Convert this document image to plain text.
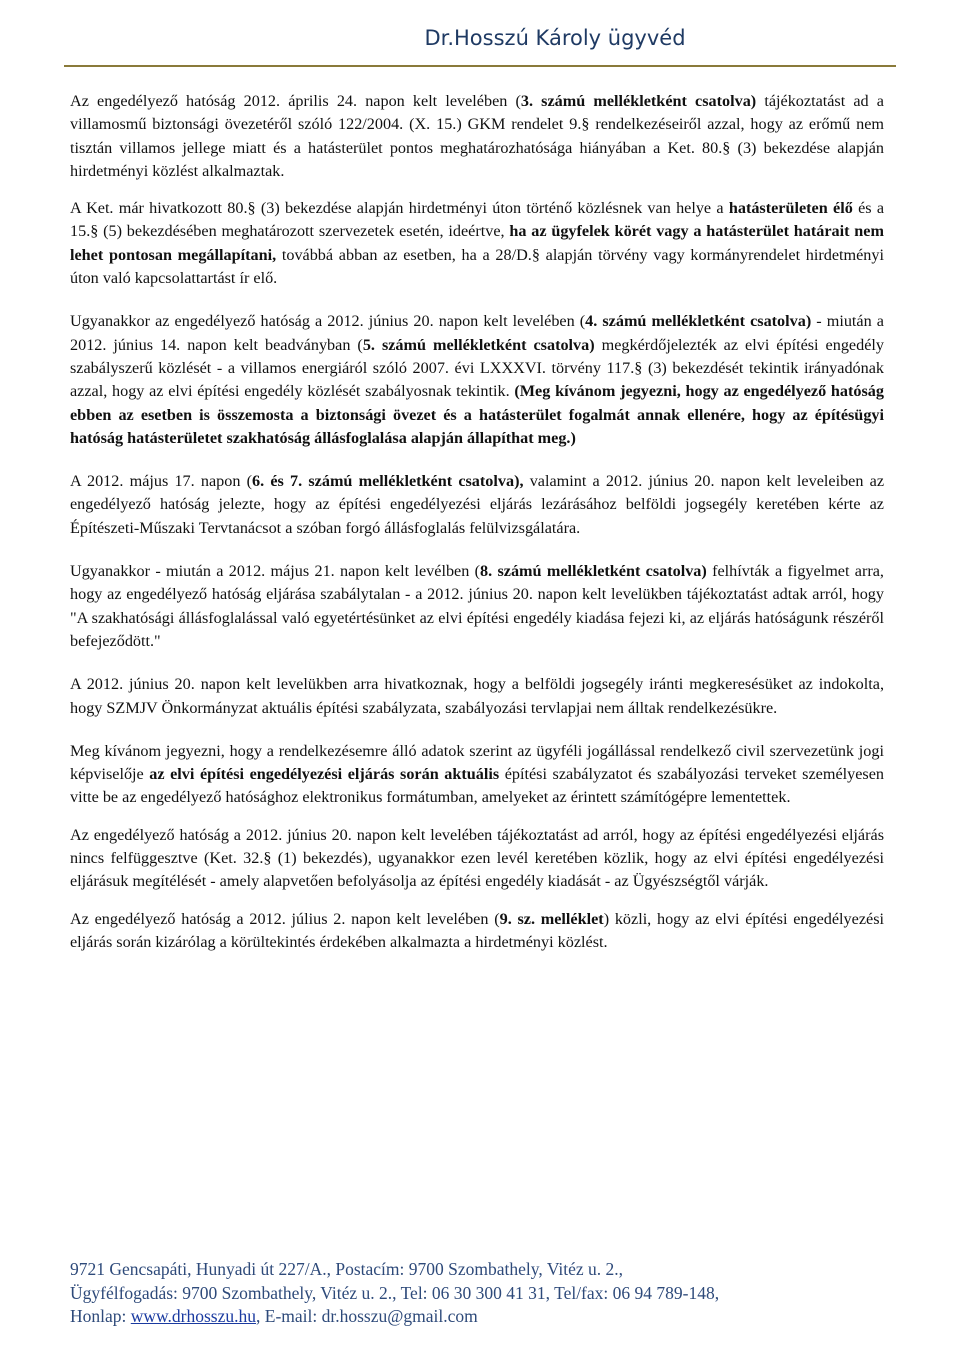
Dr.Hosszú Károly ügyvéd

Az engedélyező hatóság 2012. április 24. napon kelt levelében (3. számú mellékletként csatolva) tájékoztatást ad a villamosmű biztonsági övezetéről szóló 122/2004. (X. 15.) GKM rendelet 9.§ rendelkezéseiről azzal, hogy az erőmű nem tisztán villamos jellege miatt és a hatásterület pontos meghatározhatósága hiányában a Ket. 80.§ (3) bekezdése alapján hirdetményi közlést alkalmaztak.

A Ket. már hivatkozott 80.§ (3) bekezdése alapján hirdetményi úton történő közlésnek van helye a hatásterületen élő és a 15.§ (5) bekezdésében meghatározott szervezetek esetén, ideértve, ha az ügyfelek körét vagy a hatásterület határait nem lehet pontosan megállapítani, továbbá abban az esetben, ha a 28/D.§ alapján törvény vagy kormányrendelet hirdetményi úton való kapcsolattartást ír elő.

Ugyanakkor az engedélyező hatóság a 2012. június 20. napon kelt levelében (4. számú mellékletként csatolva) - miután a 2012. június 14. napon kelt beadványban (5. számú mellékletként csatolva) megkérdőjelezték az elvi építési engedély szabályszerű közlését - a villamos energiáról szóló 2007. évi LXXXVI. törvény 117.§ (3) bekezdését tekintik irányadónak azzal, hogy az elvi építési engedély közlését szabályosnak tekintik. (Meg kívánom jegyezni, hogy az engedélyező hatóság ebben az esetben is összemosta a biztonsági övezet és a hatásterület fogalmát annak ellenére, hogy az építésügyi hatóság hatásterületet szakhatóság állásfoglalása alapján állapíthat meg.)

A 2012. május 17. napon (6. és 7. számú mellékletként csatolva), valamint a 2012. június 20. napon kelt leveleiben az engedélyező hatóság jelezte, hogy az építési engedélyezési eljárás lezárásához belföldi jogsegély keretében kérte az Építészeti-Műszaki Tervtanácsot a szóban forgó állásfoglalás felülvizsgálatára.

Ugyanakkor - miután a 2012. május 21. napon kelt levélben (8. számú mellékletként csatolva) felhívták a figyelmet arra, hogy az engedélyező hatóság eljárása szabálytalan - a 2012. június 20. napon kelt levelükben tájékoztatást adtak arról, hogy "A szakhatósági állásfoglalással való egyetértésünket az elvi építési engedély kiadása fejezi ki, az eljárás hatóságunk részéről befejeződött."

A 2012. június 20. napon kelt levelükben arra hivatkoznak, hogy a belföldi jogsegély iránti megkeresésüket az indokolta, hogy SZMJV Önkormányzat aktuális építési szabályzata, szabályozási tervlapjai nem álltak rendelkezésükre.

Meg kívánom jegyezni, hogy a rendelkezésemre álló adatok szerint az ügyféli jogállással rendelkező civil szervezetünk jogi képviselője az elvi építési engedélyezési eljárás során aktuális építési szabályzatot és szabályozási terveket személyesen vitte be az engedélyező hatósághoz elektronikus formátumban, amelyeket az érintett számítógépre lementettek.

Az engedélyező hatóság a 2012. június 20. napon kelt levelében tájékoztatást ad arról, hogy az építési engedélyezési eljárás nincs felfüggesztve (Ket. 32.§ (1) bekezdés), ugyanakkor ezen levél keretében közlik, hogy az elvi építési engedélyezési eljárásuk megítélését - amely alapvetően befolyásolja az építési engedély kiadását - az Ügyészségtől várják.

Az engedélyező hatóság a 2012. július 2. napon kelt levelében (9. sz. melléklet) közli, hogy az elvi építési engedélyezési eljárás során kizárólag a körültekintés érdekében alkalmazta a hirdetményi közlést.

9721 Gencsapáti, Hunyadi út 227/A., Postacím: 9700 Szombathely, Vitéz u. 2.,
Ügyfélfogadás: 9700 Szombathely, Vitéz u. 2., Tel: 06 30 300 41 31, Tel/fax: 06 94 789-148,
Honlap: www.drhosszu.hu, E-mail: dr.hosszu@gmail.com
